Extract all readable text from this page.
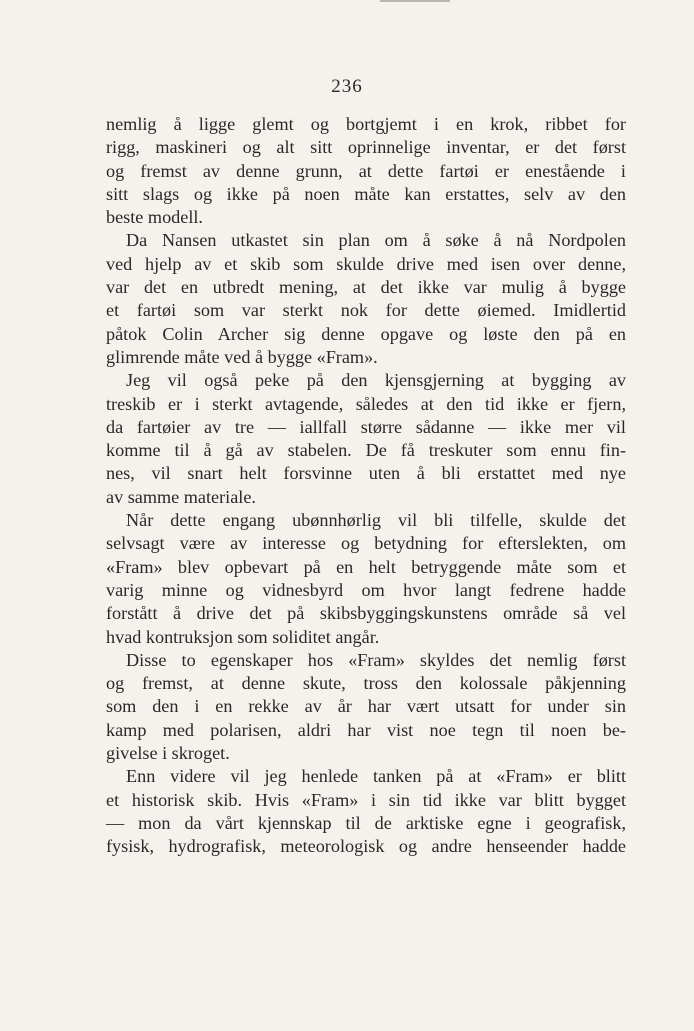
236
nemlig å ligge glemt og bortgjemt i en krok, ribbet for
rigg, maskineri og alt sitt oprinnelige inventar, er det først
og fremst av denne grunn, at dette fartøi er enestående i
sitt slags og ikke på noen måte kan erstattes, selv av den
beste modell.
Da Nansen utkastet sin plan om å søke å nå Nordpolen
ved hjelp av et skib som skulde drive med isen over denne,
var det en utbredt mening, at det ikke var mulig å bygge
et fartøi som var sterkt nok for dette øiemed. Imidlertid
påtok Colin Archer sig denne opgave og løste den på en
glimrende måte ved å bygge «Fram».
Jeg vil også peke på den kjensgjerning at bygging av
treskib er i sterkt avtagende, således at den tid ikke er fjern,
da fartøier av tre — iallfall større sådanne — ikke mer vil
komme til å gå av stabelen. De få treskuter som ennu fin-
nes, vil snart helt forsvinne uten å bli erstattet med nye
av samme materiale.
Når dette engang ubønnhørlig vil bli tilfelle, skulde det
selvsagt være av interesse og betydning for efterslekten, om
«Fram» blev opbevart på en helt betryggende måte som et
varig minne og vidnesbyrd om hvor langt fedrene hadde
forstått å drive det på skibsbyggingskunstens område så vel
hvad kontruksjon som soliditet angår.
Disse to egenskaper hos «Fram» skyldes det nemlig først
og fremst, at denne skute, tross den kolossale påkjenning
som den i en rekke av år har vært utsatt for under sin
kamp med polarisen, aldri har vist noe tegn til noen be-
givelse i skroget.
Enn videre vil jeg henlede tanken på at «Fram» er blitt
et historisk skib. Hvis «Fram» i sin tid ikke var blitt bygget
— mon da vårt kjennskap til de arktiske egne i geografisk,
fysisk, hydrografisk, meteorologisk og andre henseender hadde
